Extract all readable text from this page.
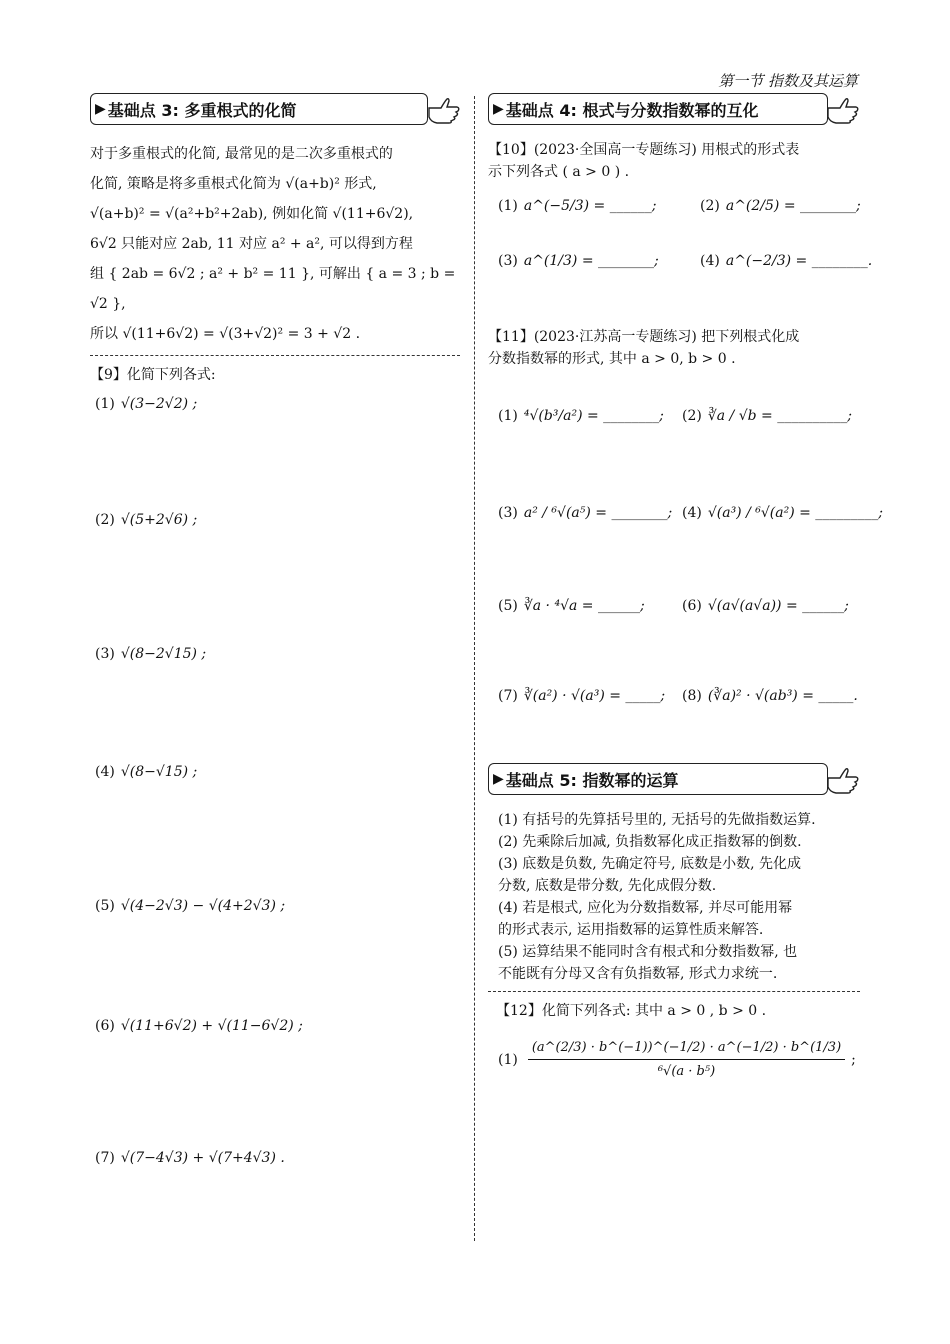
第一节 指数及其运算
▶ 基础点 3: 多重根式的化简

对于多重根式的化简, 最常见的是二次多重根式的

化简, 策略是将多重根式化简为 √(a+b)² 形式,

√(a+b)² = √(a²+b²+2ab), 例如化简 √(11+6√2),

6√2 只能对应 2ab, 11 对应 a² + a², 可以得到方程

组 { 2ab = 6√2 ; a² + b² = 11 }, 可解出 { a = 3 ; b = √2 },

所以 √(11+6√2) = √(3+√2)² = 3 + √2 .

【9】化简下列各式:
(1) √(3−2√2) ;
(2) √(5+2√6) ;
(3) √(8−2√15) ;
(4) √(8−√15) ;
(5) √(4−2√3) − √(4+2√3) ;
(6) √(11+6√2) + √(11−6√2) ;
(7) √(7−4√3) + √(7+4√3) .
▶ 基础点 4: 根式与分数指数幂的互化
【10】(2023·全国高一专题练习) 用根式的形式表
示下列各式 ( a > 0 ) .
(1) a^(−5/3) = ______;	(2) a^(2/5) = ________;
(3) a^(1/3) = ________;	(4) a^(−2/3) = ________.
【11】(2023·江苏高一专题练习) 把下列根式化成
分数指数幂的形式, 其中 a > 0, b > 0 .
(1) ⁴√(b³/a²) = ________; (2) ∛a / √b = __________;
(3) a² / ⁶√(a⁵) = ________; (4) √(a³) / ⁶√(a²) = _________;
(5) ∛a · ⁴√a = ______;	(6) √(a√(a√a)) = ______;
(7) ∛(a²) · √(a³) = _____; (8) (∛a)² · √(ab³) = _____.
▶ 基础点 5: 指数幂的运算

(1) 有括号的先算括号里的, 无括号的先做指数运算.

(2) 先乘除后加减, 负指数幂化成正指数幂的倒数.

(3) 底数是负数, 先确定符号, 底数是小数, 先化成

分数, 底数是带分数, 先化成假分数.

(4) 若是根式, 应化为分数指数幂, 并尽可能用幂

的形式表示, 运用指数幂的运算性质来解答.

(5) 运算结果不能同时含有根式和分数指数幂, 也

不能既有分母又含有负指数幂, 形式力求统一.

【12】化简下列各式: 其中 a > 0 , b > 0 .
(1)
(a^(2/3) · b^(−1))^(−1/2) · a^(−1/2) · b^(1/3)
⁶√(a · b⁵)
;
